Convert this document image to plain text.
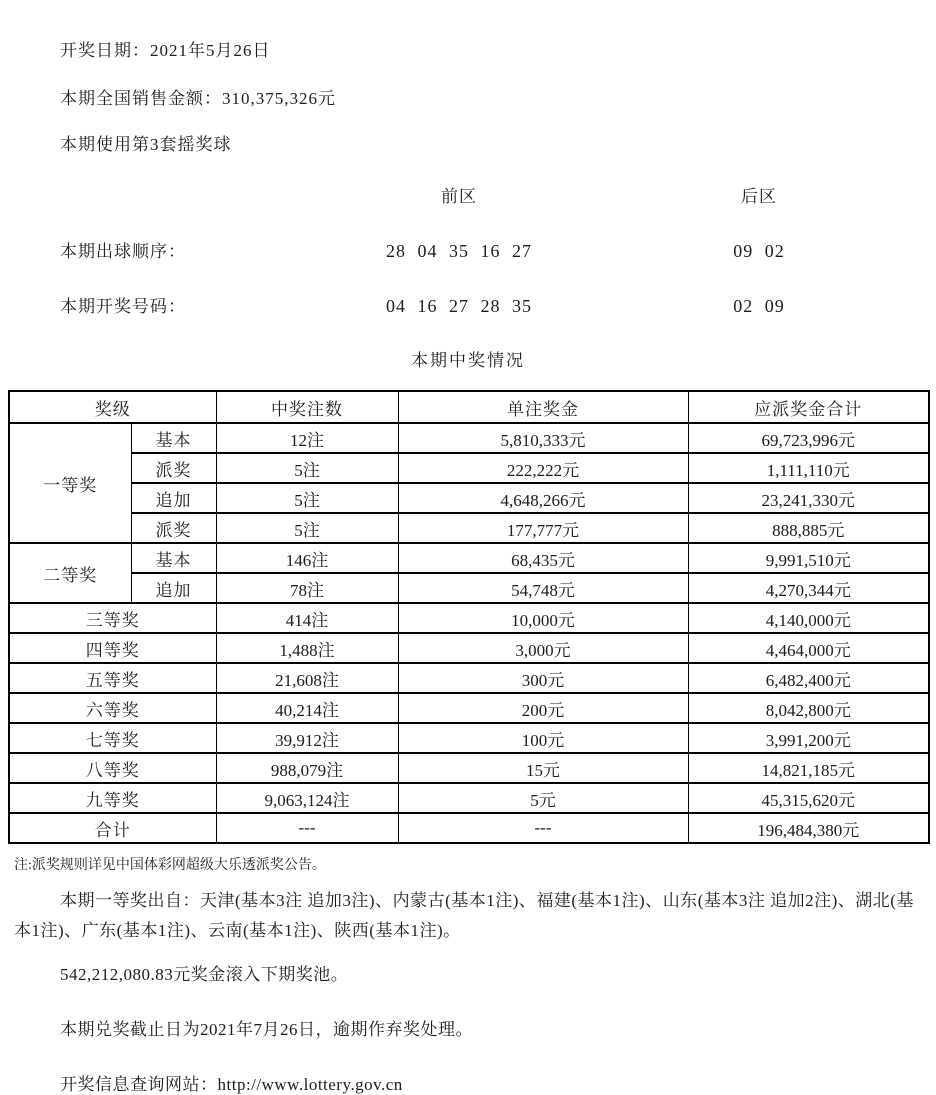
开奖日期：2021年5月26日

本期全国销售金额：310,375,326元

本期使用第3套摇奖球

前区	后区
本期出球顺序：	28 04 35 16 27	09 02
本期开奖号码：	04 16 27 28 35	02 09
本期中奖情况
奖级		中奖注数	单注奖金	应派奖金合计
一等奖	基本	12注	5,810,333元	69,723,996元
	派奖	5注	222,222元	1,111,110元
	追加	5注	4,648,266元	23,241,330元
	派奖	5注	177,777元	888,885元
二等奖	基本	146注	68,435元	9,991,510元
	追加	78注	54,748元	4,270,344元
三等奖		414注	10,000元	4,140,000元
四等奖		1,488注	3,000元	4,464,000元
五等奖		21,608注	300元	6,482,400元
六等奖		40,214注	200元	8,042,800元
七等奖		39,912注	100元	3,991,200元
八等奖		988,079注	15元	14,821,185元
九等奖		9,063,124注	5元	45,315,620元
合计		---	---	196,484,380元

注:派奖规则详见中国体彩网超级大乐透派奖公告。

本期一等奖出自：天津(基本3注 追加3注)、内蒙古(基本1注)、福建(基本1注)、山东(基本3注 追加2注)、湖北(基本1注)、广东(基本1注)、云南(基本1注)、陕西(基本1注)。

542,212,080.83元奖金滚入下期奖池。

本期兑奖截止日为2021年7月26日，逾期作弃奖处理。

开奖信息查询网站：http://www.lottery.gov.cn
